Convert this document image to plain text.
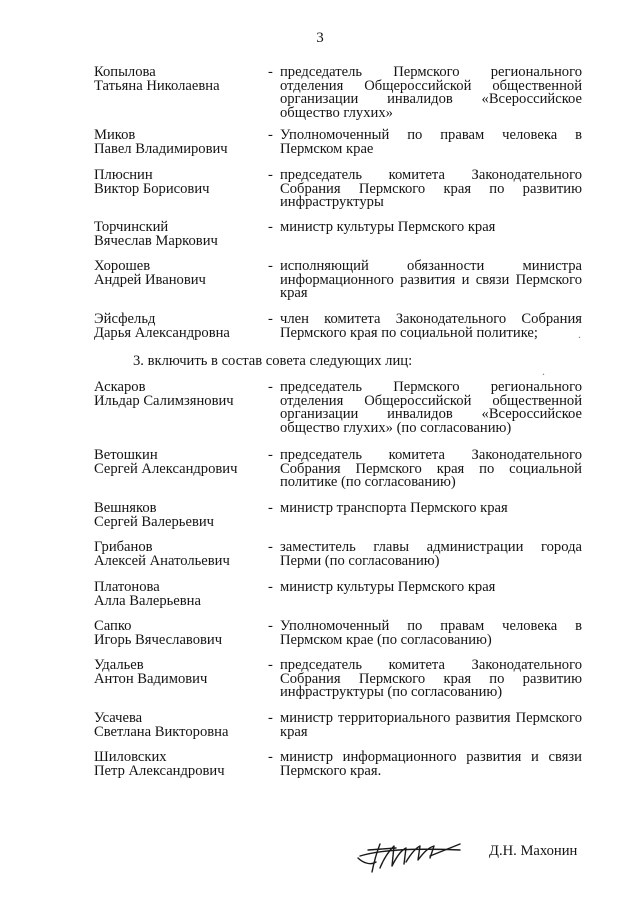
3
Копылова
Татьяна Николаевна
- председатель Пермского регионального отделения Общероссийской общественной организации инвалидов «Всероссийское общество глухих»
Миков
Павел Владимирович
- Уполномоченный по правам человека в Пермском крае
Плюснин
Виктор Борисович
- председатель комитета Законодательного Собрания Пермского края по развитию инфраструктуры
Торчинский
Вячеслав Маркович
- министр культуры Пермского края
Хорошев
Андрей Иванович
- исполняющий обязанности министра информационного развития и связи Пермского края
Эйсфельд
Дарья Александровна
- член комитета Законодательного Собрания Пермского края по социальной политике;
3. включить в состав совета следующих лиц:
Аскаров
Ильдар Салимзянович
- председатель Пермского регионального отделения Общероссийской общественной организации инвалидов «Всероссийское общество глухих» (по согласованию)
Ветошкин
Сергей Александрович
- председатель комитета Законодательного Собрания Пермского края по социальной политике (по согласованию)
Вешняков
Сергей Валерьевич
- министр транспорта Пермского края
Грибанов
Алексей Анатольевич
- заместитель главы администрации города Перми (по согласованию)
Платонова
Алла Валерьевна
- министр культуры Пермского края
Сапко
Игорь Вячеславович
- Уполномоченный по правам человека в Пермском крае (по согласованию)
Удальев
Антон Вадимович
- председатель комитета Законодательного Собрания Пермского края по развитию инфраструктуры (по согласованию)
Усачева
Светлана Викторовна
- министр территориального развития Пермского края
Шиловских
Петр Александрович
- министр информационного развития и связи Пермского края.
Д.Н. Махонин
.
.
